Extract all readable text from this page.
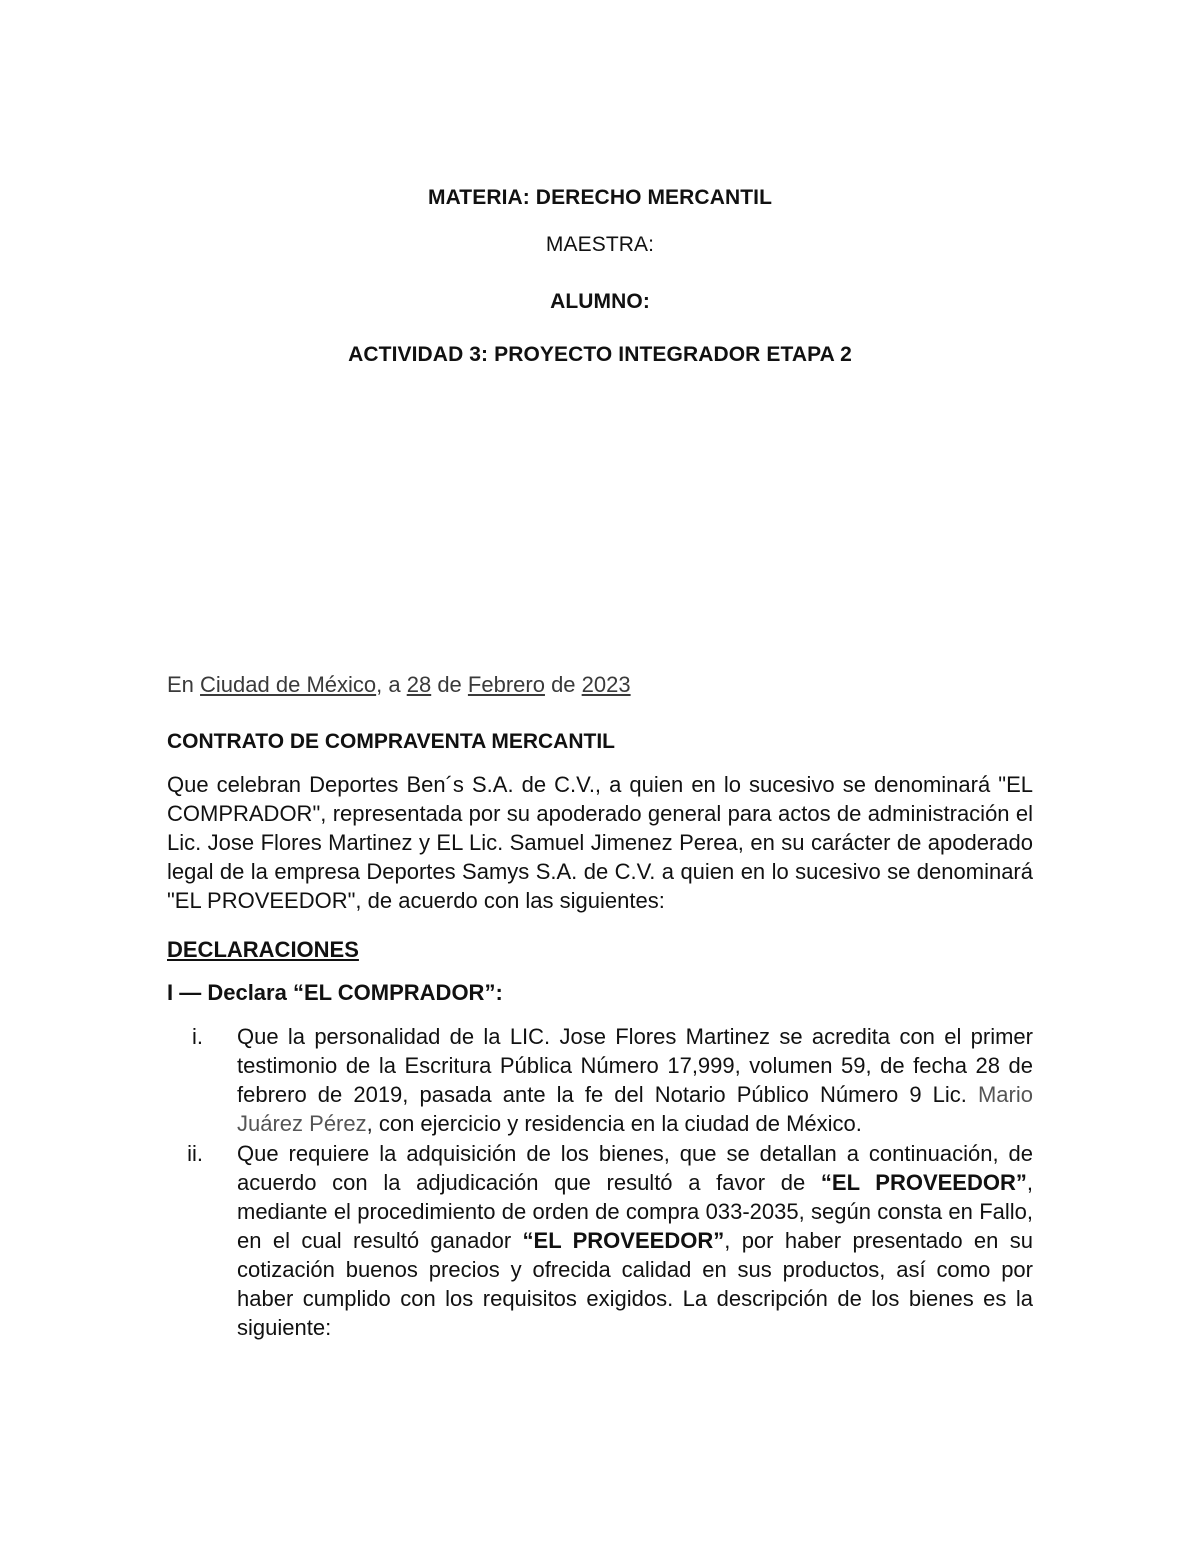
MATERIA: DERECHO MERCANTIL
MAESTRA:
ALUMNO:
ACTIVIDAD 3: PROYECTO INTEGRADOR ETAPA 2
En Ciudad de México, a 28 de Febrero de 2023
CONTRATO DE COMPRAVENTA MERCANTIL
Que celebran Deportes Ben´s S.A. de C.V., a quien en lo sucesivo se denominará "EL COMPRADOR", representada por su apoderado general para actos de administración el Lic. Jose Flores Martinez y EL Lic. Samuel Jimenez Perea, en su carácter de apoderado legal de la empresa Deportes Samys S.A. de C.V. a quien en lo sucesivo se denominará "EL PROVEEDOR", de acuerdo con las siguientes:
DECLARACIONES
I — Declara “EL COMPRADOR”:
i. Que la personalidad de la LIC. Jose Flores Martinez se acredita con el primer testimonio de la Escritura Pública Número 17,999, volumen 59, de fecha 28 de febrero de 2019, pasada ante la fe del Notario Público Número 9 Lic. Mario Juárez Pérez, con ejercicio y residencia en la ciudad de México.
ii. Que requiere la adquisición de los bienes, que se detallan a continuación, de acuerdo con la adjudicación que resultó a favor de “EL PROVEEDOR”, mediante el procedimiento de orden de compra 033-2035, según consta en Fallo, en el cual resultó ganador “EL PROVEEDOR”, por haber presentado en su cotización buenos precios y ofrecida calidad en sus productos, así como por haber cumplido con los requisitos exigidos. La descripción de los bienes es la siguiente:
